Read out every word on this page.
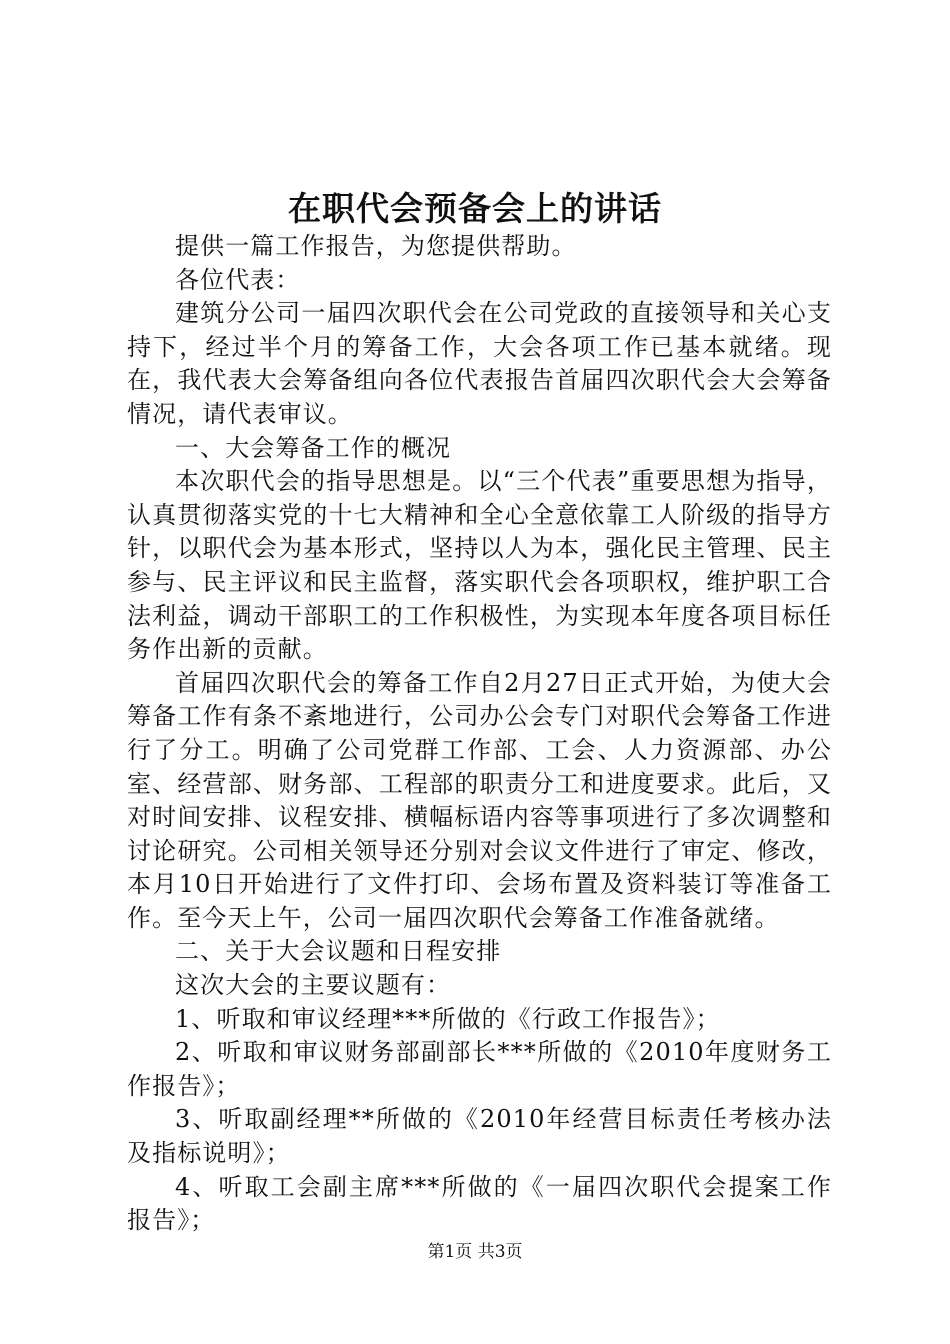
在职代会预备会上的讲话

提供一篇工作报告，为您提供帮助。

各位代表：

建筑分公司一届四次职代会在公司党政的直接领导和关心支持下，经过半个月的筹备工作，大会各项工作已基本就绪。现在，我代表大会筹备组向各位代表报告首届四次职代会大会筹备情况，请代表审议。

一、大会筹备工作的概况

本次职代会的指导思想是。以“三个代表”重要思想为指导，认真贯彻落实党的十七大精神和全心全意依靠工人阶级的指导方针，以职代会为基本形式，坚持以人为本，强化民主管理、民主参与、民主评议和民主监督，落实职代会各项职权，维护职工合法利益，调动干部职工的工作积极性，为实现本年度各项目标任务作出新的贡献。

首届四次职代会的筹备工作自2月27日正式开始，为使大会筹备工作有条不紊地进行，公司办公会专门对职代会筹备工作进行了分工。明确了公司党群工作部、工会、人力资源部、办公室、经营部、财务部、工程部的职责分工和进度要求。此后，又对时间安排、议程安排、横幅标语内容等事项进行了多次调整和讨论研究。公司相关领导还分别对会议文件进行了审定、修改，本月10日开始进行了文件打印、会场布置及资料装订等准备工作。至今天上午，公司一届四次职代会筹备工作准备就绪。

二、关于大会议题和日程安排

这次大会的主要议题有：

1、听取和审议经理***所做的《行政工作报告》；

2、听取和审议财务部副部长***所做的《2010年度财务工作报告》；

3、听取副经理**所做的《2010年经营目标责任考核办法及指标说明》；

4、听取工会副主席***所做的《一届四次职代会提案工作报告》；

第1页 共3页
